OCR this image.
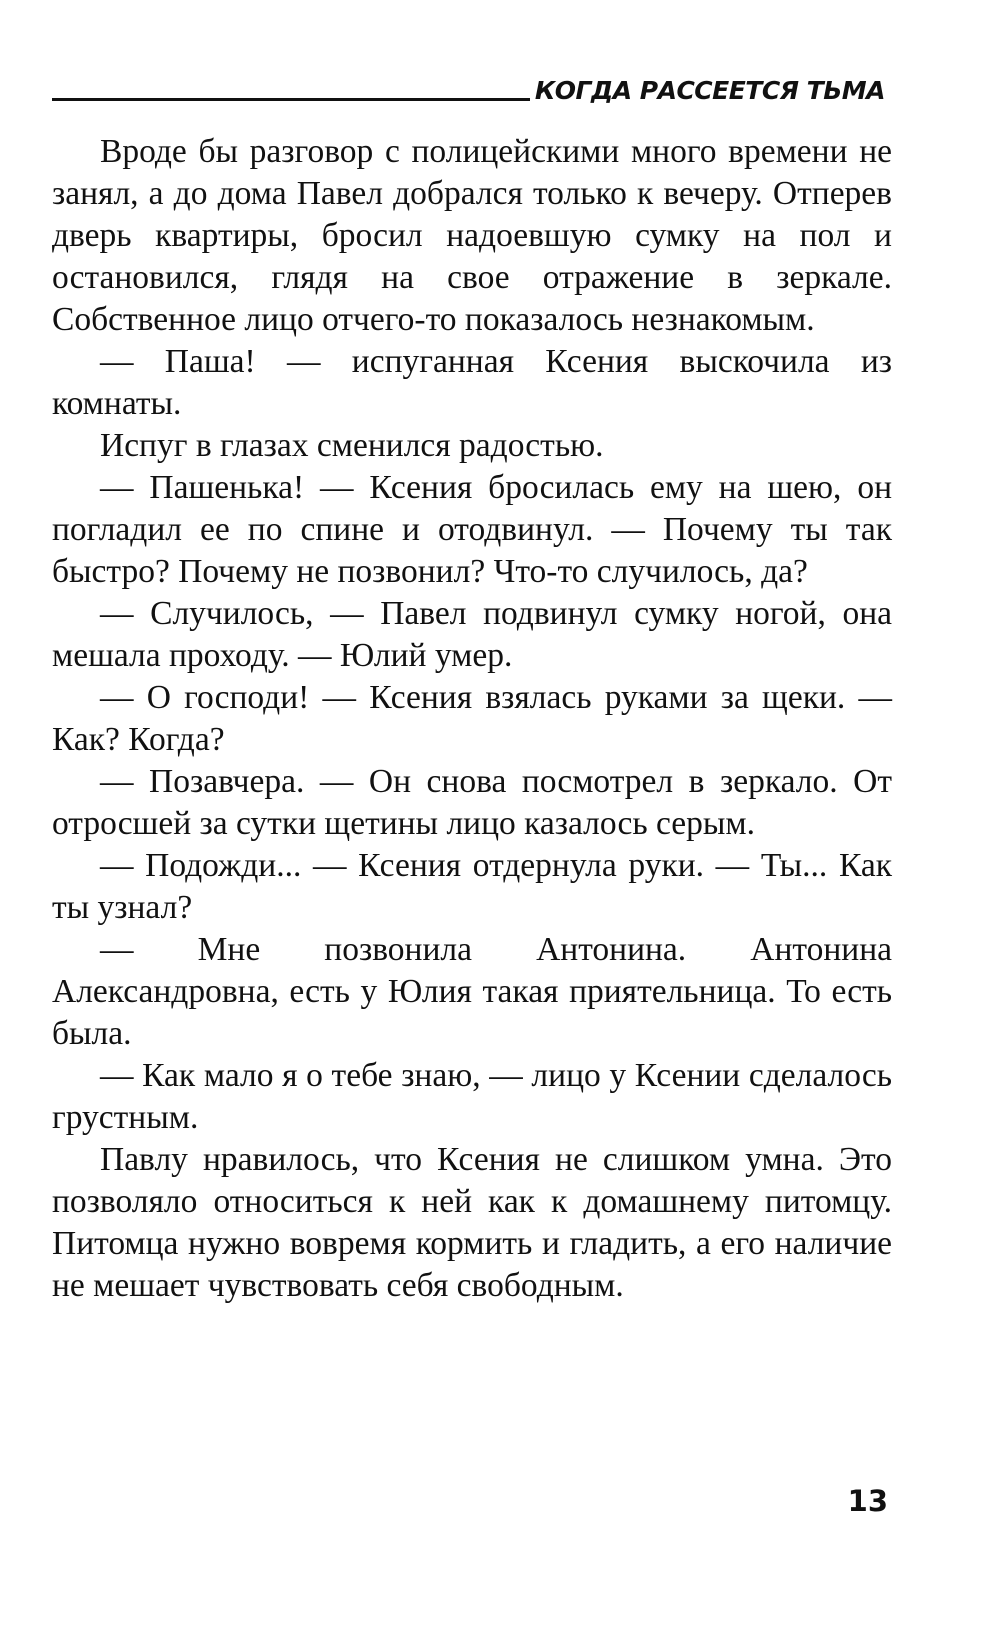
КОГДА РАССЕЕТСЯ ТЬМА

Вроде бы разговор с полицейскими много времени не занял, а до дома Павел добрался только к вечеру. Отперев дверь квартиры, бросил надоевшую сумку на пол и остановился, глядя на свое отражение в зеркале. Собственное лицо отчего-то показалось незнакомым.

— Паша! — испуганная Ксения выскочила из комнаты.

Испуг в глазах сменился радостью.

— Пашенька! — Ксения бросилась ему на шею, он погладил ее по спине и отодвинул. — Почему ты так быстро? Почему не позвонил? Что-то случилось, да?

— Случилось, — Павел подвинул сумку ногой, она мешала проходу. — Юлий умер.

— О господи! — Ксения взялась руками за щеки. — Как? Когда?

— Позавчера. — Он снова посмотрел в зеркало. От отросшей за сутки щетины лицо казалось серым.

— Подожди... — Ксения отдернула руки. — Ты... Как ты узнал?

— Мне позвонила Антонина. Антонина Александровна, есть у Юлия такая приятельница. То есть была.

— Как мало я о тебе знаю, — лицо у Ксении сделалось грустным.

Павлу нравилось, что Ксения не слишком умна. Это позволяло относиться к ней как к домашнему питомцу. Питомца нужно вовремя кормить и гладить, а его наличие не мешает чувствовать себя свободным.

13
